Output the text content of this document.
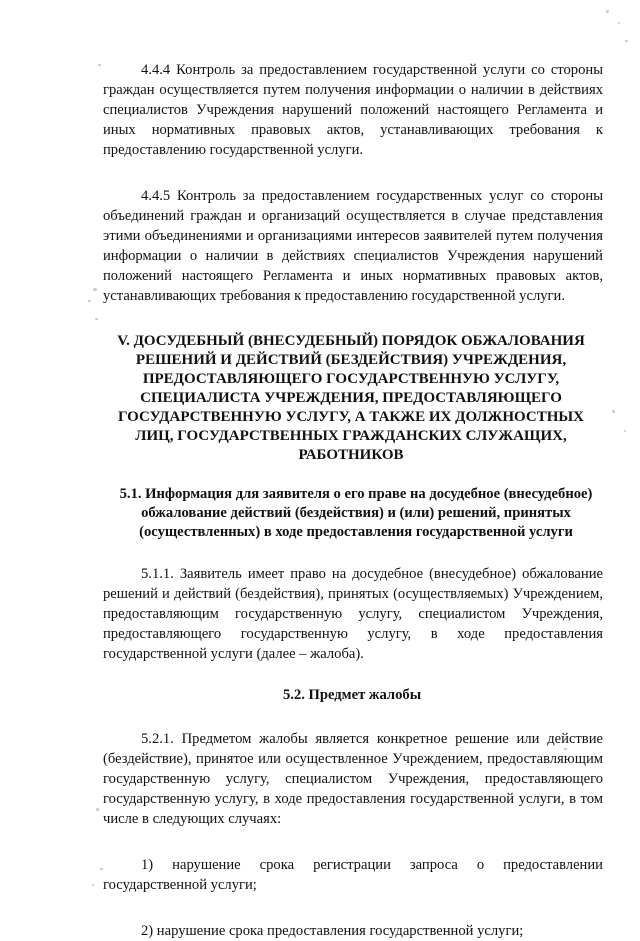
4.4.4 Контроль за предоставлением государственной услуги со стороны граждан осуществляется путем получения информации о наличии в действиях специалистов Учреждения нарушений положений настоящего Регламента и иных нормативных правовых актов, устанавливающих требования к предоставлению государственной услуги.

4.4.5 Контроль за предоставлением государственных услуг со стороны объединений граждан и организаций осуществляется в случае представления этими объединениями и организациями интересов заявителей путем получения информации о наличии в действиях специалистов Учреждения нарушений положений настоящего Регламента и иных нормативных правовых актов, устанавливающих требования к предоставлению государственной услуги.

V. ДОСУДЕБНЫЙ (ВНЕСУДЕБНЫЙ) ПОРЯДОК ОБЖАЛОВАНИЯ РЕШЕНИЙ И ДЕЙСТВИЙ (БЕЗДЕЙСТВИЯ) УЧРЕЖДЕНИЯ, ПРЕДОСТАВЛЯЮЩЕГО ГОСУДАРСТВЕННУЮ УСЛУГУ, СПЕЦИАЛИСТА УЧРЕЖДЕНИЯ, ПРЕДОСТАВЛЯЮЩЕГО ГОСУДАРСТВЕННУЮ УСЛУГУ, А ТАКЖЕ ИХ ДОЛЖНОСТНЫХ ЛИЦ, ГОСУДАРСТВЕННЫХ ГРАЖДАНСКИХ СЛУЖАЩИХ, РАБОТНИКОВ
5.1. Информация для заявителя о его праве на досудебное (внесудебное) обжалование действий (бездействия) и (или) решений, принятых (осуществленных) в ходе предоставления государственной услуги

5.1.1. Заявитель имеет право на досудебное (внесудебное) обжалование решений и действий (бездействия), принятых (осуществляемых) Учреждением, предоставляющим государственную услугу, специалистом Учреждения, предоставляющего государственную услугу, в ходе предоставления государственной услуги (далее – жалоба).

5.2. Предмет жалобы

5.2.1. Предметом жалобы является конкретное решение или действие (бездействие), принятое или осуществленное Учреждением, предоставляющим государственную услугу, специалистом Учреждения, предоставляющего государственную услугу, в ходе предоставления государственной услуги, в том числе в следующих случаях:

1) нарушение срока регистрации запроса о предоставлении государственной услуги;

2) нарушение срока предоставления государственной услуги;
